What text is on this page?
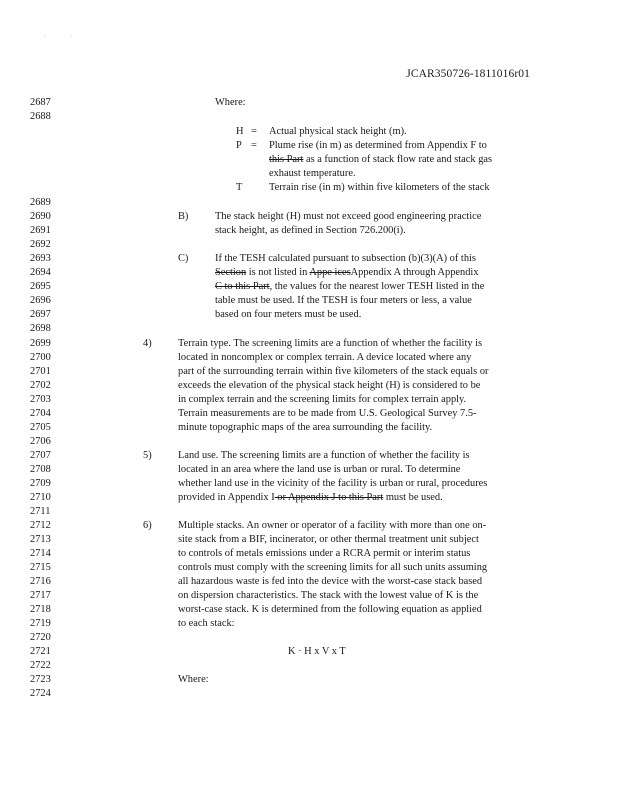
·                ·
JCAR350726-1811016r01
2687	Where:
2688
H = Actual physical stack height (m).
P = Plume rise (in m) as determined from Appendix F to
this Part as a function of stack flow rate and stack gas
exhaust temperature.
T	Terrain rise (in m) within five kilometers of the stack
2689
2690	B)	The stack height (H) must not exceed good engineering practice
2691	stack height, as defined in Section 726.200(i).
2692
2693	C)	If the TESH calculated pursuant to subsection (b)(3)(A) of this
2694	Section is not listed in Appe icesAppendix A through Appendix
2695	C to this Part, the values for the nearest lower TESH listed in the
2696	table must be used. If the TESH is four meters or less, a value
2697	based on four meters must be used.
2698
2699	4)	Terrain type. The screening limits are a function of whether the facility is
2700	located in noncomplex or complex terrain. A device located where any
2701	part of the surrounding terrain within five kilometers of the stack equals or
2702	exceeds the elevation of the physical stack height (H) is considered to be
2703	in complex terrain and the screening limits for complex terrain apply.
2704	Terrain measurements are to be made from U.S. Geological Survey 7.5-
2705	minute topographic maps of the area surrounding the facility.
2706
2707	5)	Land use. The screening limits are a function of whether the facility is
2708	located in an area where the land use is urban or rural. To determine
2709	whether land use in the vicinity of the facility is urban or rural, procedures
2710	provided in Appendix I or Appendix J to this Part must be used.
2711
2712	6)	Multiple stacks. An owner or operator of a facility with more than one on-
2713	site stack from a BIF, incinerator, or other thermal treatment unit subject
2714	to controls of metals emissions under a RCRA permit or interim status
2715	controls must comply with the screening limits for all such units assuming
2716	all hazardous waste is fed into the device with the worst-case stack based
2717	on dispersion characteristics. The stack with the lowest value of K is the
2718	worst-case stack. K is determined from the following equation as applied
2719	to each stack:
2720
2721	K · H x V x T
2722
2723	Where:
2724
